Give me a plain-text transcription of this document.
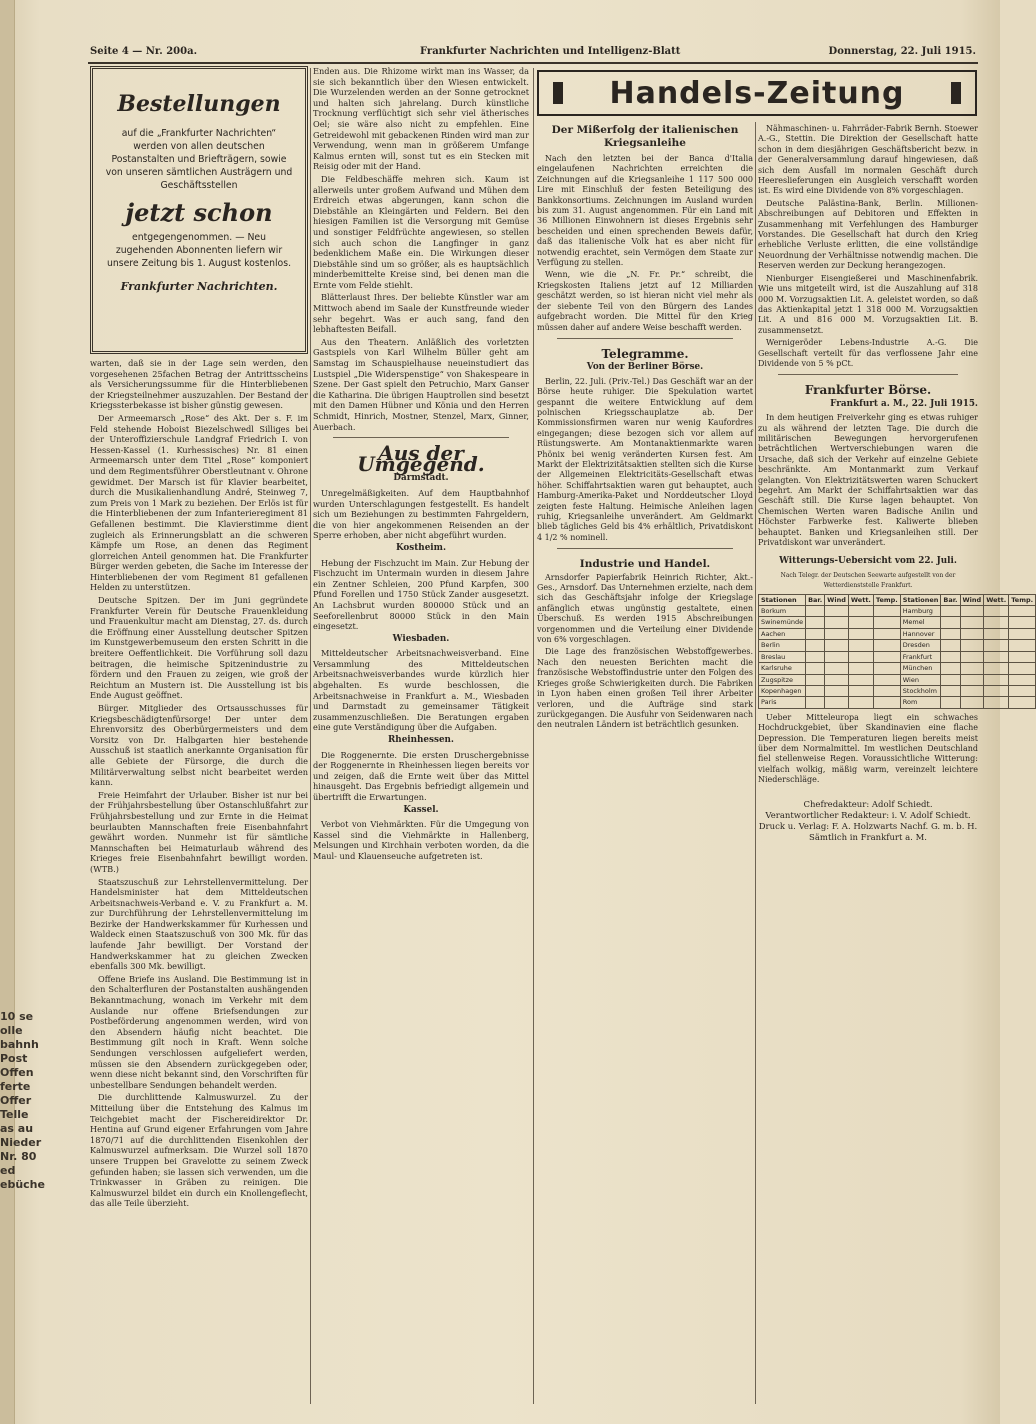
10 se
olle
bahnh
Post
Offen
ferte
Offer
Telle
as au
Nieder
Nr. 80
ed
ebüche
Seite 4 — Nr. 200a.	Frankfurter Nachrichten und Intelligenz-Blatt	Donnerstag, 22. Juli 1915.
Bestellungen
auf die „Frankfurter Nachrichten“ werden von allen deutschen Postanstalten und Briefträgern, sowie von unseren sämtlichen Austrägern und Geschäftsstellen
jetzt schon
entgegengenommen. — Neu zugehenden Abonnenten liefern wir unsere Zeitung bis 1. August kostenlos.
Frankfurter Nachrichten.

warten, daß sie in der Lage sein werden, den vorgesehenen 25fachen Betrag der Antrittsscheins als Versicherungssumme für die Hinterbliebenen der Kriegsteilnehmer auszuzahlen. Der Bestand der Kriegssterbekasse ist bisher günstig gewesen.

Der Armeemarsch „Rose“ des Akt. Der s. F. im Feld stehende Hoboist Biezelschwedl Silliges bei der Unteroffizierschule Landgraf Friedrich I. von Hessen-Kassel (1. Kurhessisches) Nr. 81 einen Armeemarsch unter dem Titel „Rose“ komponiert und dem Regimentsführer Oberstleutnant v. Ohrone gewidmet. Der Marsch ist für Klavier bearbeitet, durch die Musikalienhandlung André, Steinweg 7, zum Preis von 1 Mark zu beziehen. Der Erlös ist für die Hinterbliebenen der zum Infanterieregiment 81 Gefallenen bestimmt. Die Klavierstimme dient zugleich als Erinnerungsblatt an die schweren Kämpfe um Rose, an denen das Regiment glorreichen Anteil genommen hat. Die Frankfurter Bürger werden gebeten, die Sache im Interesse der Hinterbliebenen der vom Regiment 81 gefallenen Helden zu unterstützen.

Deutsche Spitzen. Der im Juni gegründete Frankfurter Verein für Deutsche Frauenkleidung und Frauenkultur macht am Dienstag, 27. ds. durch die Eröffnung einer Ausstellung deutscher Spitzen im Kunstgewerbemuseum den ersten Schritt in die breitere Oeffentlichkeit. Die Vorführung soll dazu beitragen, die heimische Spitzenindustrie zu fördern und den Frauen zu zeigen, wie groß der Reichtum an Mustern ist. Die Ausstellung ist bis Ende August geöffnet.

Bürger. Mitglieder des Ortsausschusses für Kriegsbeschädigtenfürsorge! Der unter dem Ehrenvorsitz des Oberbürgermeisters und dem Vorsitz von Dr. Halbgarten hier bestehende Ausschuß ist staatlich anerkannte Organisation für alle Gebiete der Fürsorge, die durch die Militärverwaltung selbst nicht bearbeitet werden kann.

Freie Heimfahrt der Urlauber. Bisher ist nur bei der Frühjahrsbestellung über Ostanschlußfahrt zur Frühjahrsbestellung und zur Ernte in die Heimat beurlaubten Mannschaften freie Eisenbahnfahrt gewährt worden. Nunmehr ist für sämtliche Mannschaften bei Heimaturlaub während des Krieges freie Eisenbahnfahrt bewilligt worden. (WTB.)

Staatszuschuß zur Lehrstellenvermittelung. Der Handelsminister hat dem Mitteldeutschen Arbeitsnachweis-Verband e. V. zu Frankfurt a. M. zur Durchführung der Lehrstellenvermittelung im Bezirke der Handwerkskammer für Kurhessen und Waldeck einen Staatszuschuß von 300 Mk. für das laufende Jahr bewilligt. Der Vorstand der Handwerkskammer hat zu gleichen Zwecken ebenfalls 300 Mk. bewilligt.

Offene Briefe ins Ausland. Die Bestimmung ist in den Schalterfluren der Postanstalten aushängenden Bekanntmachung, wonach im Verkehr mit dem Auslande nur offene Briefsendungen zur Postbeförderung angenommen werden, wird von den Absendern häufig nicht beachtet. Die Bestimmung gilt noch in Kraft. Wenn solche Sendungen verschlossen aufgeliefert werden, müssen sie den Absendern zurückgegeben oder, wenn diese nicht bekannt sind, den Vorschriften für unbestellbare Sendungen behandelt werden.

Die durchlittende Kalmuswurzel. Zu der Mitteilung über die Entstehung des Kalmus im Teichgebiet macht der Fischereidirektor Dr. Hentina auf Grund eigener Erfahrungen vom Jahre 1870/71 auf die durchlittenden Eisenkohlen der Kalmuswurzel aufmerksam. Die Wurzel soll 1870 unsere Truppen bei Gravelotte zu seinem Zweck gefunden haben; sie lassen sich verwenden, um die Trinkwasser in Gräben zu reinigen. Die Kalmuswurzel bildet ein durch ein Knollengeflecht, das alle Teile überzieht.

Enden aus. Die Rhizome wirkt man ins Wasser, da sie sich bekanntlich über den Wiesen entwickelt. Die Wurzelenden werden an der Sonne getrocknet und halten sich jahrelang. Durch künstliche Trocknung verflüchtigt sich sehr viel ätherisches Oel; sie wäre also nicht zu empfehlen. Eine Getreidewohl mit gebackenen Rinden wird man zur Verwendung, wenn man in größerem Umfange Kalmus ernten will, sonst tut es ein Stecken mit Reisig oder mit der Hand.

Die Feldbeschäffe mehren sich. Kaum ist allerweils unter großem Aufwand und Mühen dem Erdreich etwas abgerungen, kann schon die Diebstähle an Kleingärten und Feldern. Bei den hiesigen Familien ist die Versorgung mit Gemüse und sonstiger Feldfrüchte angewiesen, so stellen sich auch schon die Langfinger in ganz bedenklichem Maße ein. Die Wirkungen dieser Diebstähle sind um so größer, als es hauptsächlich minderbemittelte Kreise sind, bei denen man die Ernte vom Felde stiehlt.

Blätterlaust Ihres. Der beliebte Künstler war am Mittwoch abend im Saale der Kunstfreunde wieder sehr begehrt. Was er auch sang, fand den lebhaftesten Beifall.

Aus den Theatern. Anläßlich des vorletzten Gastspiels von Karl Wilhelm Büller geht am Samstag im Schauspielhause neueinstudiert das Lustspiel „Die Widerspenstige“ von Shakespeare in Szene. Der Gast spielt den Petruchio, Marx Ganser die Katharina. Die übrigen Hauptrollen sind besetzt mit den Damen Hübner und Könia und den Herren Schmidt, Hinrich, Mostner, Stenzel, Marx, Ginner, Auerbach.

Aus der Umgegend.
Darmstadt.

Unregelmäßigkeiten. Auf dem Hauptbahnhof wurden Unterschlagungen festgestellt. Es handelt sich um Beziehungen zu bestimmten Fahrgeldern, die von hier angekommenen Reisenden an der Sperre erhoben, aber nicht abgeführt wurden.

Kostheim.

Hebung der Fischzucht im Main. Zur Hebung der Fischzucht im Untermain wurden in diesem Jahre ein Zentner Schleien, 200 Pfund Karpfen, 300 Pfund Forellen und 1750 Stück Zander ausgesetzt. An Lachsbrut wurden 800000 Stück und an Seeforellenbrut 80000 Stück in den Main eingesetzt.

Wiesbaden.

Mitteldeutscher Arbeitsnachweisverband. Eine Versammlung des Mitteldeutschen Arbeitsnachweisverbandes wurde kürzlich hier abgehalten. Es wurde beschlossen, die Arbeitsnachweise in Frankfurt a. M., Wiesbaden und Darmstadt zu gemeinsamer Tätigkeit zusammenzuschließen. Die Beratungen ergaben eine gute Verständigung über die Aufgaben.

Rheinhessen.

Die Roggenernte. Die ersten Druschergebnisse der Roggenernte in Rheinhessen liegen bereits vor und zeigen, daß die Ernte weit über das Mittel hinausgeht. Das Ergebnis befriedigt allgemein und übertrifft die Erwartungen.

Kassel.

Verbot von Viehmärkten. Für die Umgegung von Kassel sind die Viehmärkte in Hallenberg, Melsungen und Kirchhain verboten worden, da die Maul- und Klauenseuche aufgetreten ist.

Handels-Zeitung
Der Mißerfolg der italienischen Kriegsanleihe

Nach den letzten bei der Banca d'Italia eingelaufenen Nachrichten erreichten die Zeichnungen auf die Kriegsanleihe 1 117 500 000 Lire mit Einschluß der festen Beteiligung des Bankkonsortiums. Zeichnungen im Ausland wurden bis zum 31. August angenommen. Für ein Land mit 36 Millionen Einwohnern ist dieses Ergebnis sehr bescheiden und einen sprechenden Beweis dafür, daß das italienische Volk hat es aber nicht für notwendig erachtet, sein Vermögen dem Staate zur Verfügung zu stellen.

Wenn, wie die „N. Fr. Pr.“ schreibt, die Kriegskosten Italiens jetzt auf 12 Milliarden geschätzt werden, so ist hieran nicht viel mehr als der siebente Teil von den Bürgern des Landes aufgebracht worden. Die Mittel für den Krieg müssen daher auf andere Weise beschafft werden.

Telegramme.
Von der Berliner Börse.

Berlin, 22. Juli. (Priv.-Tel.) Das Geschäft war an der Börse heute ruhiger. Die Spekulation wartet gespannt die weitere Entwicklung auf dem polnischen Kriegsschauplatze ab. Der Kommissionsfirmen waren nur wenig Kaufordres eingegangen; diese bezogen sich vor allem auf Rüstungswerte. Am Montanaktienmarkte waren Phönix bei wenig veränderten Kursen fest. Am Markt der Elektrizitätsaktien stellten sich die Kurse der Allgemeinen Elektricitäts-Gesellschaft etwas höher. Schiffahrtsaktien waren gut behauptet, auch Hamburg-Amerika-Paket und Norddeutscher Lloyd zeigten feste Haltung. Heimische Anleihen lagen ruhig, Kriegsanleihe unverändert. Am Geldmarkt blieb tägliches Geld bis 4% erhältlich, Privatdiskont 4 1/2 % nominell.

Industrie und Handel.

Arnsdorfer Papierfabrik Heinrich Richter, Akt.-Ges., Arnsdorf. Das Unternehmen erzielte, nach dem sich das Geschäftsjahr infolge der Kriegslage anfänglich etwas ungünstig gestaltete, einen Überschuß. Es werden 1915 Abschreibungen vorgenommen und die Verteilung einer Dividende von 6% vorgeschlagen.

Die Lage des französischen Webstoffgewerbes. Nach den neuesten Berichten macht die französische Webstoffindustrie unter den Folgen des Krieges große Schwierigkeiten durch. Die Fabriken in Lyon haben einen großen Teil ihrer Arbeiter verloren, und die Aufträge sind stark zurückgegangen. Die Ausfuhr von Seidenwaren nach den neutralen Ländern ist beträchtlich gesunken.

Nähmaschinen- u. Fahrräder-Fabrik Bernh. Stoewer A.-G., Stettin. Die Direktion der Gesellschaft hatte schon in dem diesjährigen Geschäftsbericht bezw. in der Generalversammlung darauf hingewiesen, daß sich dem Ausfall im normalen Geschäft durch Heereslieferungen ein Ausgleich verschafft worden ist. Es wird eine Dividende von 8% vorgeschlagen.

Deutsche Palästina-Bank, Berlin. Millionen-Abschreibungen auf Debitoren und Effekten in Zusammenhang mit Verfehlungen des Hamburger Vorstandes. Die Gesellschaft hat durch den Krieg erhebliche Verluste erlitten, die eine vollständige Neuordnung der Verhältnisse notwendig machen. Die Reserven werden zur Deckung herangezogen.

Nienburger Eisengießerei und Maschinenfabrik. Wie uns mitgeteilt wird, ist die Auszahlung auf 318 000 M. Vorzugsaktien Lit. A. geleistet worden, so daß das Aktienkapital jetzt 1 318 000 M. Vorzugsaktien Lit. A und 816 000 M. Vorzugsaktien Lit. B. zusammensetzt.

Wernigeröder Lebens-Industrie A.-G. Die Gesellschaft verteilt für das verflossene Jahr eine Dividende von 5 % pCt.

Frankfurter Börse.
Frankfurt a. M., 22. Juli 1915.

In dem heutigen Freiverkehr ging es etwas ruhiger zu als während der letzten Tage. Die durch die militärischen Bewegungen hervorgerufenen beträchtlichen Wertverschiebungen waren die Ursache, daß sich der Verkehr auf einzelne Gebiete beschränkte. Am Montanmarkt zum Verkauf gelangten. Von Elektrizitätswerten waren Schuckert begehrt. Am Markt der Schiffahrtsaktien war das Geschäft still. Die Kurse lagen behauptet. Von Chemischen Werten waren Badische Anilin und Höchster Farbwerke fest. Kaliwerte blieben behauptet. Banken und Kriegsanleihen still. Der Privatdiskont war unverändert.

Witterungs-Uebersicht vom 22. Juli.
Nach Telegr. der Deutschen Seewarte aufgestellt von der Wetterdienststelle Frankfurt.
Stationen	Bar.	Wind	Wett.	Temp.	Stationen	Bar.	Wind	Wett.	Temp.
Borkum					Hamburg				
Swinemünde					Memel				
Aachen					Hannover				
Berlin					Dresden				
Breslau					Frankfurt				
Karlsruhe					München				
Zugspitze					Wien				
Kopenhagen					Stockholm				
Paris					Rom				

Ueber Mitteleuropa liegt ein schwaches Hochdruckgebiet, über Skandinavien eine flache Depression. Die Temperaturen liegen bereits meist über dem Normalmittel. Im westlichen Deutschland fiel stellenweise Regen. Voraussichtliche Witterung: vielfach wolkig, mäßig warm, vereinzelt leichtere Niederschläge.

Chefredakteur: Adolf Schiedt.
Verantwortlicher Redakteur: i. V. Adolf Schiedt.
Druck u. Verlag: F. A. Holzwarts Nachf. G. m. b. H.
Sämtlich in Frankfurt a. M.
